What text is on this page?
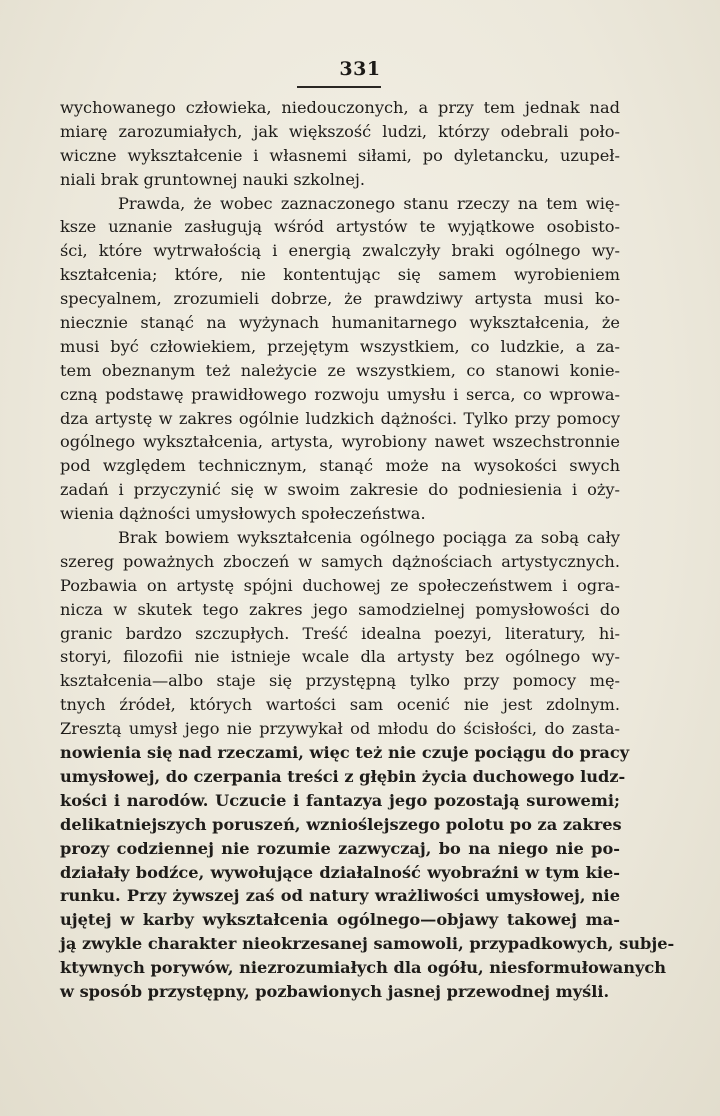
331
wychowanego człowieka, niedouczonych, a przy tem jednak nad
miarę zarozumiałych, jak większość ludzi, którzy odebrali poło-
wiczne wykształcenie i własnemi siłami, po dyletancku, uzupeł-
niali brak gruntownej nauki szkolnej.
Prawda, że wobec zaznaczonego stanu rzeczy na tem wię-
ksze uznanie zasługują wśród artystów te wyjątkowe osobisto-
ści, które wytrwałością i energią zwalczyły braki ogólnego wy-
kształcenia; które, nie kontentując się samem wyrobieniem
specyalnem, zrozumieli dobrze, że prawdziwy artysta musi ko-
niecznie stanąć na wyżynach humanitarnego wykształcenia, że
musi być człowiekiem, przejętym wszystkiem, co ludzkie, a za-
tem obeznanym też należycie ze wszystkiem, co stanowi konie-
czną podstawę prawidłowego rozwoju umysłu i serca, co wprowa-
dza artystę w zakres ogólnie ludzkich dążności. Tylko przy pomocy
ogólnego wykształcenia, artysta, wyrobiony nawet wszechstronnie
pod względem technicznym, stanąć może na wysokości swych
zadań i przyczynić się w swoim zakresie do podniesienia i oży-
wienia dążności umysłowych społeczeństwa.
Brak bowiem wykształcenia ogólnego pociąga za sobą cały
szereg poważnych zboczeń w samych dążnościach artystycznych.
Pozbawia on artystę spójni duchowej ze społeczeństwem i ogra-
nicza w skutek tego zakres jego samodzielnej pomysłowości do
granic bardzo szczupłych. Treść idealna poezyi, literatury, hi-
storyi, filozofii nie istnieje wcale dla artysty bez ogólnego wy-
kształcenia—albo staje się przystępną tylko przy pomocy mę-
tnych źródeł, których wartości sam ocenić nie jest zdolnym.
Zresztą umysł jego nie przywykał od młodu do ścisłości, do zasta-
nowienia się nad rzeczami, więc też nie czuje pociągu do pracy
umysłowej, do czerpania treści z głębin życia duchowego ludz-
kości i narodów. Uczucie i fantazya jego pozostają surowemi;
delikatniejszych poruszeń, wznioślejszego polotu po za zakres
prozy codziennej nie rozumie zazwyczaj, bo na niego nie po-
działały bodźce, wywołujące działalność wyobraźni w tym kie-
runku. Przy żywszej zaś od natury wrażliwości umysłowej, nie
ujętej w karby wykształcenia ogólnego—objawy takowej ma-
ją zwykle charakter nieokrzesanej samowoli, przypadkowych, subje-
ktywnych porywów, niezrozumiałych dla ogółu, niesformułowanych
w sposób przystępny, pozbawionych jasnej przewodnej myśli.
